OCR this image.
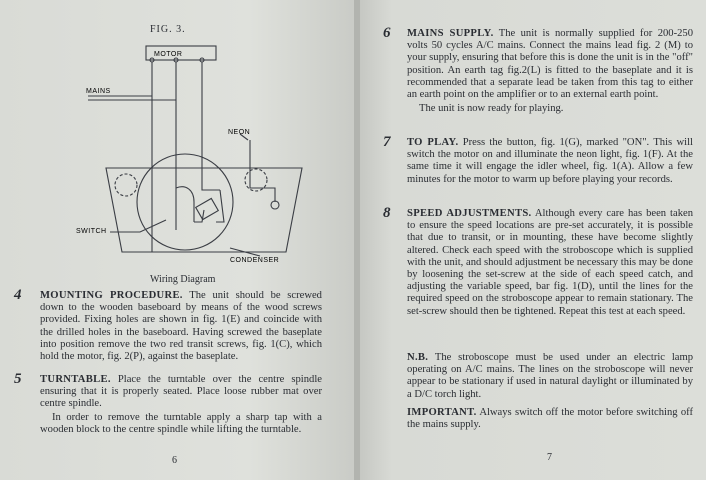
FIG. 3.
MOTOR
MAINS
NEON
SWITCH
CONDENSER
Wiring Diagram
4 MOUNTING PROCEDURE. The unit should be screwed down to the wooden baseboard by means of the wood screws provided. Fixing holes are shown in fig. 1(E) and coincide with the drilled holes in the baseboard. Having screwed the baseplate into position remove the two red transit screws, fig. 1(C), which hold the motor, fig. 2(P), against the baseplate.

5 TURNTABLE. Place the turntable over the centre spindle ensuring that it is properly seated. Place loose rubber mat over centre spindle.

In order to remove the turntable apply a sharp tap with a wooden block to the centre spindle while lifting the turntable.

6
6 MAINS SUPPLY. The unit is normally supplied for 200-250 volts 50 cycles A/C mains. Connect the mains lead fig. 2 (M) to your supply, ensuring that before this is done the unit is in the "off" position. An earth tag fig.2(L) is fitted to the baseplate and it is recommended that a separate lead be taken from this tag to either an earth point on the amplifier or to an external earth point.

The unit is now ready for playing.

7 TO PLAY. Press the button, fig. 1(G), marked "ON". This will switch the motor on and illuminate the neon light, fig. 1(F). At the same time it will engage the idler wheel, fig. 1(A). Allow a few minutes for the motor to warm up before playing your records.

8 SPEED ADJUSTMENTS. Although every care has been taken to ensure the speed locations are pre-set accurately, it is possible that due to transit, or in mounting, these have become slightly altered. Check each speed with the stroboscope which is supplied with the unit, and should adjustment be necessary this may be done by loosening the set-screw at the side of each speed catch, and adjusting the variable speed, bar fig. 1(D), until the lines for the required speed on the stroboscope appear to remain stationary. The set-screw should then be tightened. Repeat this test at each speed.

N.B. The stroboscope must be used under an electric lamp operating on A/C mains. The lines on the stroboscope will never appear to be stationary if used in natural daylight or illuminated by a D/C torch light.

IMPORTANT. Always switch off the motor before switching off the mains supply.

7
